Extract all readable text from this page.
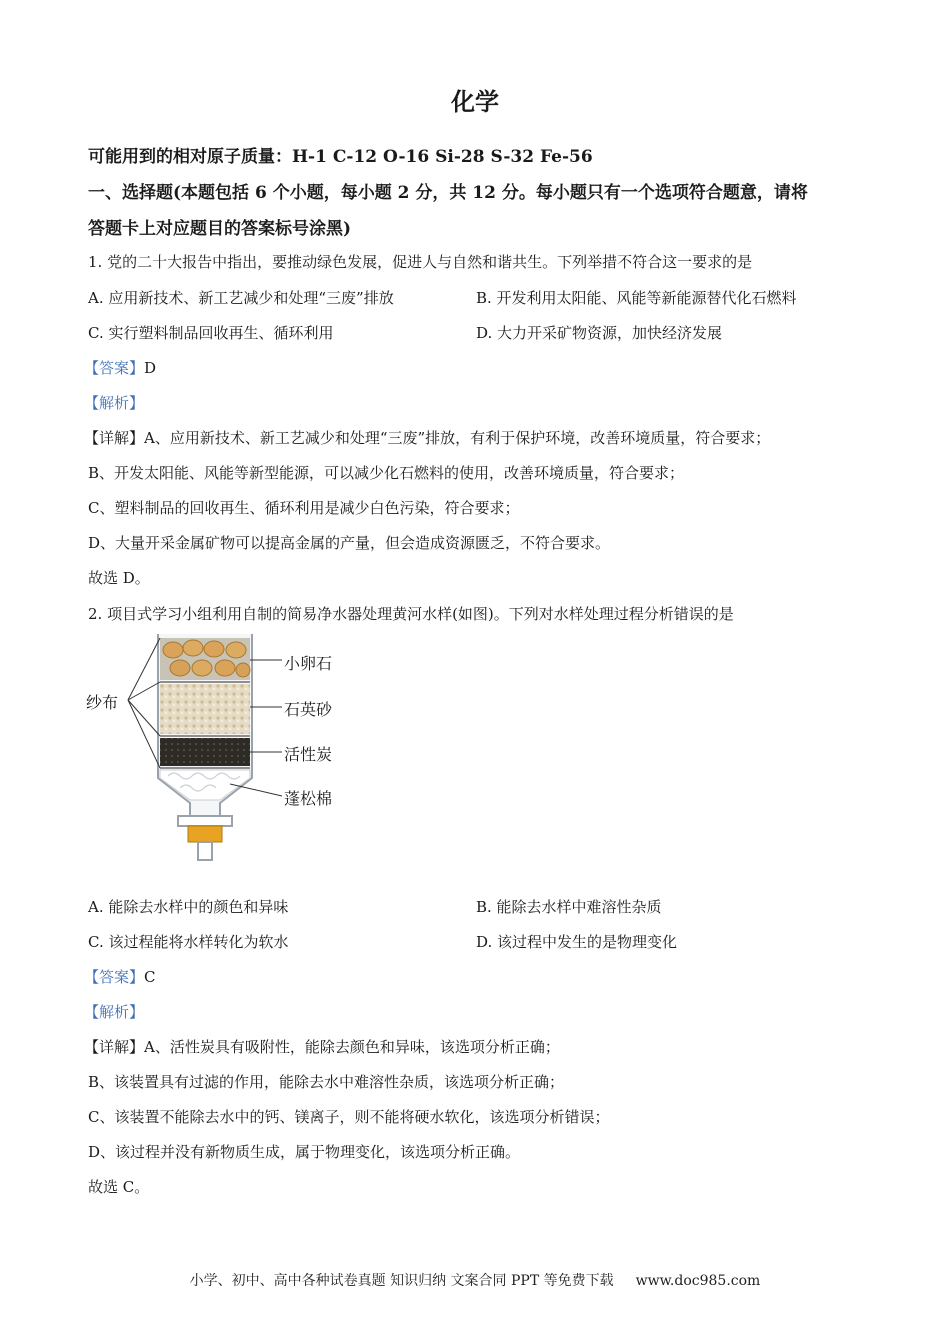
化学
可能用到的相对原子质量：H-1 C-12 O-16 Si-28 S-32 Fe-56
一、选择题(本题包括 6 个小题，每小题 2 分，共 12 分。每小题只有一个选项符合题意，请将
答题卡上对应题目的答案标号涂黑)
1. 党的二十大报告中指出，要推动绿色发展，促进人与自然和谐共生。下列举措不符合这一要求的是
A. 应用新技术、新工艺减少和处理“三废”排放	B. 开发利用太阳能、风能等新能源替代化石燃料
C. 实行塑料制品回收再生、循环利用	D. 大力开采矿物资源，加快经济发展
【答案】D
【解析】
【详解】A、应用新技术、新工艺减少和处理“三废”排放，有利于保护环境，改善环境质量，符合要求；
B、开发太阳能、风能等新型能源，可以减少化石燃料的使用，改善环境质量，符合要求；
C、塑料制品的回收再生、循环利用是减少白色污染，符合要求；
D、大量开采金属矿物可以提高金属的产量，但会造成资源匮乏，不符合要求。
故选 D。
2. 项目式学习小组利用自制的简易净水器处理黄河水样(如图)。下列对水样处理过程分析错误的是
纱布
小卵石
石英砂
活性炭
蓬松棉
A. 能除去水样中的颜色和异味	B. 能除去水样中难溶性杂质
C. 该过程能将水样转化为软水	D. 该过程中发生的是物理变化
【答案】C
【解析】
【详解】A、活性炭具有吸附性，能除去颜色和异味，该选项分析正确；
B、该装置具有过滤的作用，能除去水中难溶性杂质，该选项分析正确；
C、该装置不能除去水中的钙、镁离子，则不能将硬水软化，该选项分析错误；
D、该过程并没有新物质生成，属于物理变化，该选项分析正确。
故选 C。
小学、初中、高中各种试卷真题 知识归纳 文案合同 PPT 等免费下载 www.doc985.com
